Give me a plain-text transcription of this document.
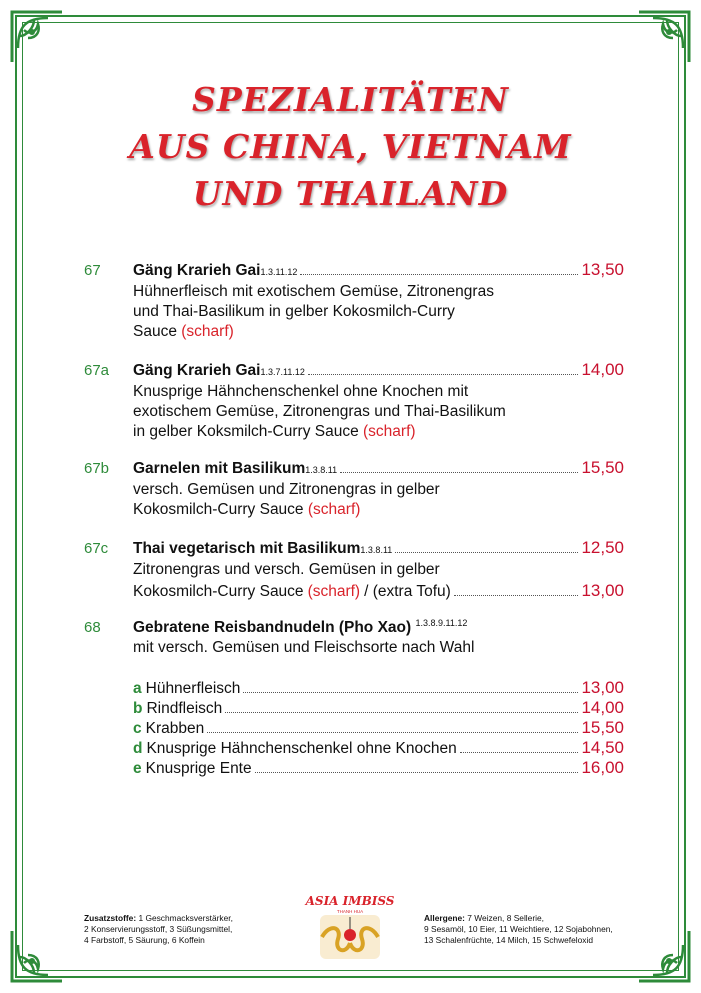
SPEZIALITÄTEN
AUS CHINA, VIETNAM
UND THAILAND
67 Gäng Krarieh Gai 1.3.11.12	13,50
Hühnerfleisch mit exotischem Gemüse, Zitronengras
und Thai-Basilikum in gelber Kokosmilch-Curry
Sauce (scharf)
67a Gäng Krarieh Gai 1.3.7.11.12	14,00
Knusprige Hähnchenschenkel ohne Knochen mit
exotischem Gemüse, Zitronengras und Thai-Basilikum
in gelber Koksmilch-Curry Sauce (scharf)
67b Garnelen mit Basilikum 1.3.8.11	15,50
versch. Gemüsen und Zitronengras in gelber
Kokosmilch-Curry Sauce (scharf)
67c Thai vegetarisch mit Basilikum 1.3.8.11	12,50
Zitronengras und versch. Gemüsen in gelber
Kokosmilch-Curry Sauce (scharf) / (extra Tofu)	13,00
68 Gebratene Reisbandnudeln (Pho Xao) $^{1.3.8.9.11.12}$
mit versch. Gemüsen und Fleischsorte nach Wahl
a Hühnerfleisch	13,00
b Rindfleisch	14,00
c Krabben	15,50
d Knusprige Hähnchenschenkel ohne Knochen	14,50
e Knusprige Ente	16,00
Zusatzstoffe: 1 Geschmacksverstärker,
2 Konservierungsstoff, 3 Süßungsmittel,
4 Farbstoff, 5 Säurung, 6 Koffein
ASIA IMBISS
THANH HUA
Allergene: 7 Weizen, 8 Sellerie,
9 Sesamöl, 10 Eier, 11 Weichtiere, 12 Sojabohnen,
13 Schalenfrüchte, 14 Milch, 15 Schwefeloxid
